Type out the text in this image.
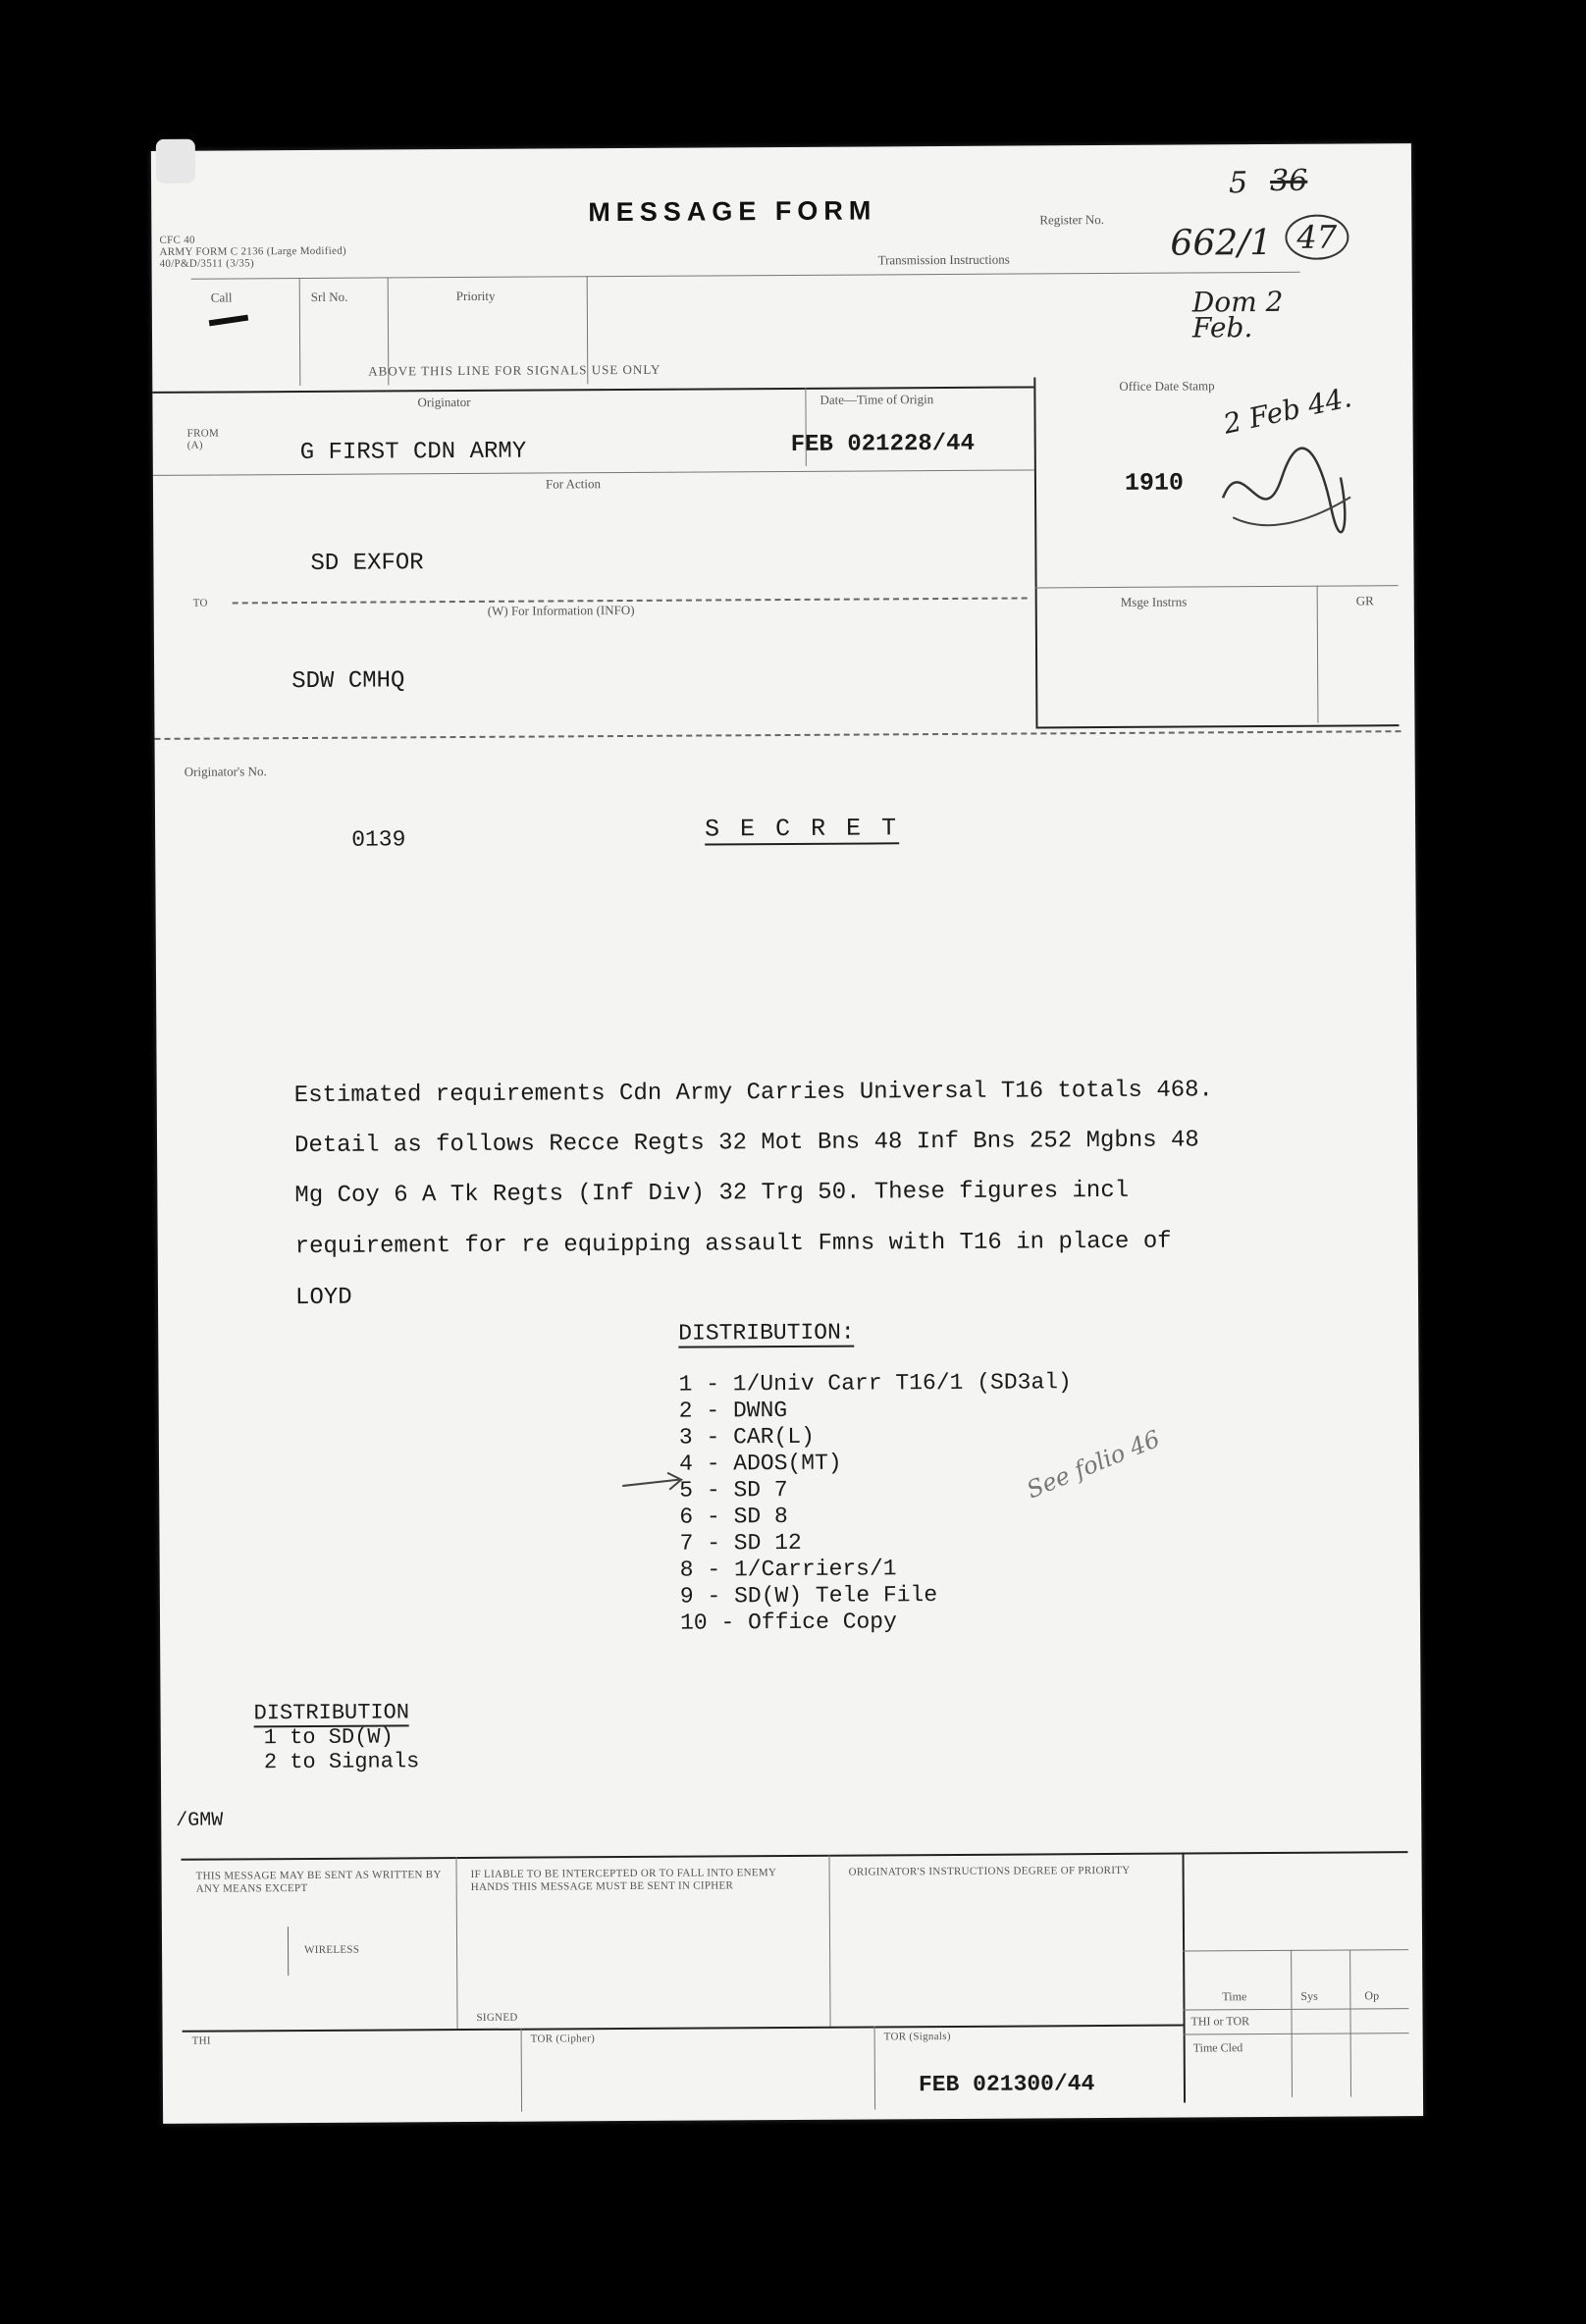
CFC 40
ARMY FORM C 2136 (Large Modified)
40/P&D/3511 (3/35)
MESSAGE FORM	Register No.
Transmission Instructions
5 36
662/1 47
Dom 2 Feb.
Call	Srl No.	Priority
ABOVE THIS LINE FOR SIGNALS USE ONLY
Originator	Date—Time of Origin
FROM (A)	G FIRST CDN ARMY	FEB 021228/44
For Action
SD EXFOR
TO	(W) For Information (INFO)
SDW CMHQ
Office Date Stamp
1910
2 Feb 44.
Msge Instrns	GR
Originator's No.
0139	S E C R E T
Estimated requirements Cdn Army Carries Universal T16 totals 468.
Detail as follows Recce Regts 32 Mot Bns 48 Inf Bns 252 Mgbns 48
Mg Coy 6 A Tk Regts (Inf Div) 32 Trg 50. These figures incl
requirement for re equipping assault Fmns with T16 in place of
LOYD
DISTRIBUTION:
1 - 1/Univ Carr T16/1 (SD3al)
2 - DWNG
3 - CAR(L)
4 - ADOS(MT)
5 - SD 7
6 - SD 8
7 - SD 12
8 - 1/Carriers/1
9 - SD(W) Tele File
10 - Office Copy
See folio 46
DISTRIBUTION
1 to SD(W)
2 to Signals
/GMW
THIS MESSAGE MAY BE SENT AS WRITTEN BY ANY MEANS EXCEPT
WIRELESS
IF LIABLE TO BE INTERCEPTED OR TO FALL INTO ENEMY HANDS THIS MESSAGE MUST BE SENT IN CIPHER
SIGNED
ORIGINATOR'S INSTRUCTIONS DEGREE OF PRIORITY
Time	Sys	Op
THI or TOR
Time Cled
THI	TOR (Cipher)	TOR (Signals)
FEB 021300/44
